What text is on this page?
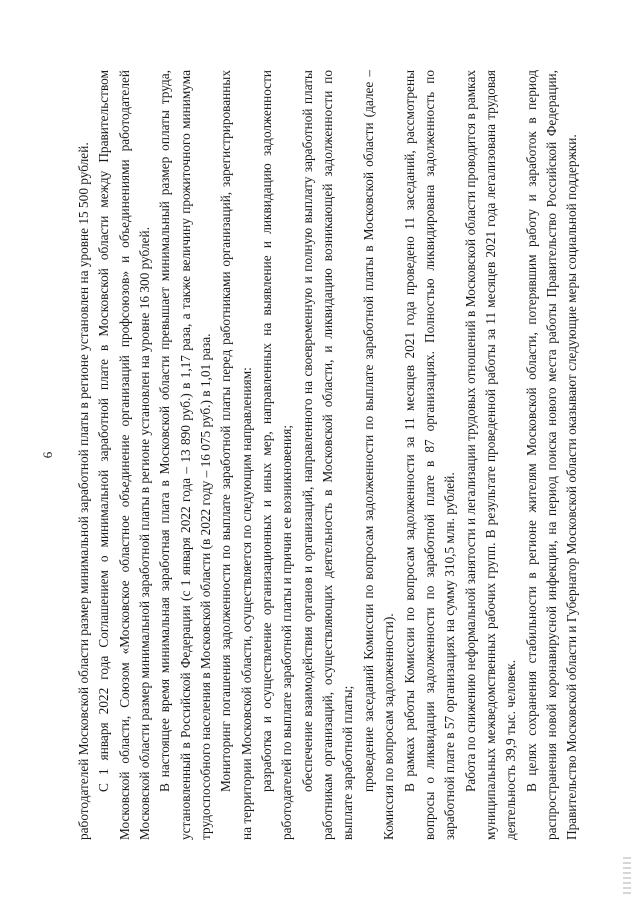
6 работодателей Московской области размер минимальной заработной платы в регионе установлен на уровне 15 500 рублей. С 1 января 2022 года Соглашением о минимальной заработной плате в Московской области между Правительством Московской области, Союзом «Московское областное объединение организаций профсоюзов» и объединениями работодателей Московской области размер минимальной заработной платы в регионе установлен на уровне 16 300 рублей. В настоящее время минимальная заработная плата в Московской области превышает минимальный размер оплаты труда, установленный в Российской Федерации (с 1 января 2022 года – 13 890 руб.) в 1,17 раза, а также величину прожиточного минимума трудоспособного населения в Московской области (в 2022 году – 16 075 руб.) в 1,01 раза. Мониторинг погашения задолженности по выплате заработной платы перед работниками организаций, зарегистрированных на территории Московской области, осуществляется по следующим направлениям: разработка и осуществление организационных и иных мер, направленных на выявление и ликвидацию задолженности работодателей по выплате заработной платы и причин ее возникновения; обеспечение взаимодействия органов и организаций, направленного на своевременную и полную выплату заработной платы работникам организаций, осуществляющих деятельность в Московской области, и ликвидацию возникающей задолженности по выплате заработной платы; проведение заседаний Комиссии по вопросам задолженности по выплате заработной платы в Московской области (далее – Комиссия по вопросам задолженности). В рамках работы Комиссии по вопросам задолженности за 11 месяцев 2021 года проведено 11 заседаний, рассмотрены вопросы о ликвидации задолженности по заработной плате в 87 организациях. Полностью ликвидирована задолженность по заработной плате в 57 организациях на сумму 310,5 млн. рублей. Работа по снижению неформальной занятости и легализации трудовых отношений в Московской области проводится в рамках муниципальных межведомственных рабочих групп. В результате проведенной работы за 11 месяцев 2021 года легализована трудовая деятельность 39,9 тыс. человек. В целях сохранения стабильности в регионе жителям Московской области, потерявшим работу и заработок в период распространения новой коронавирусной инфекции, на период поиска нового места работы Правительство Российской Федерации, Правительство Московской области и Губернатор Московской области оказывают следующие меры социальной поддержки.
